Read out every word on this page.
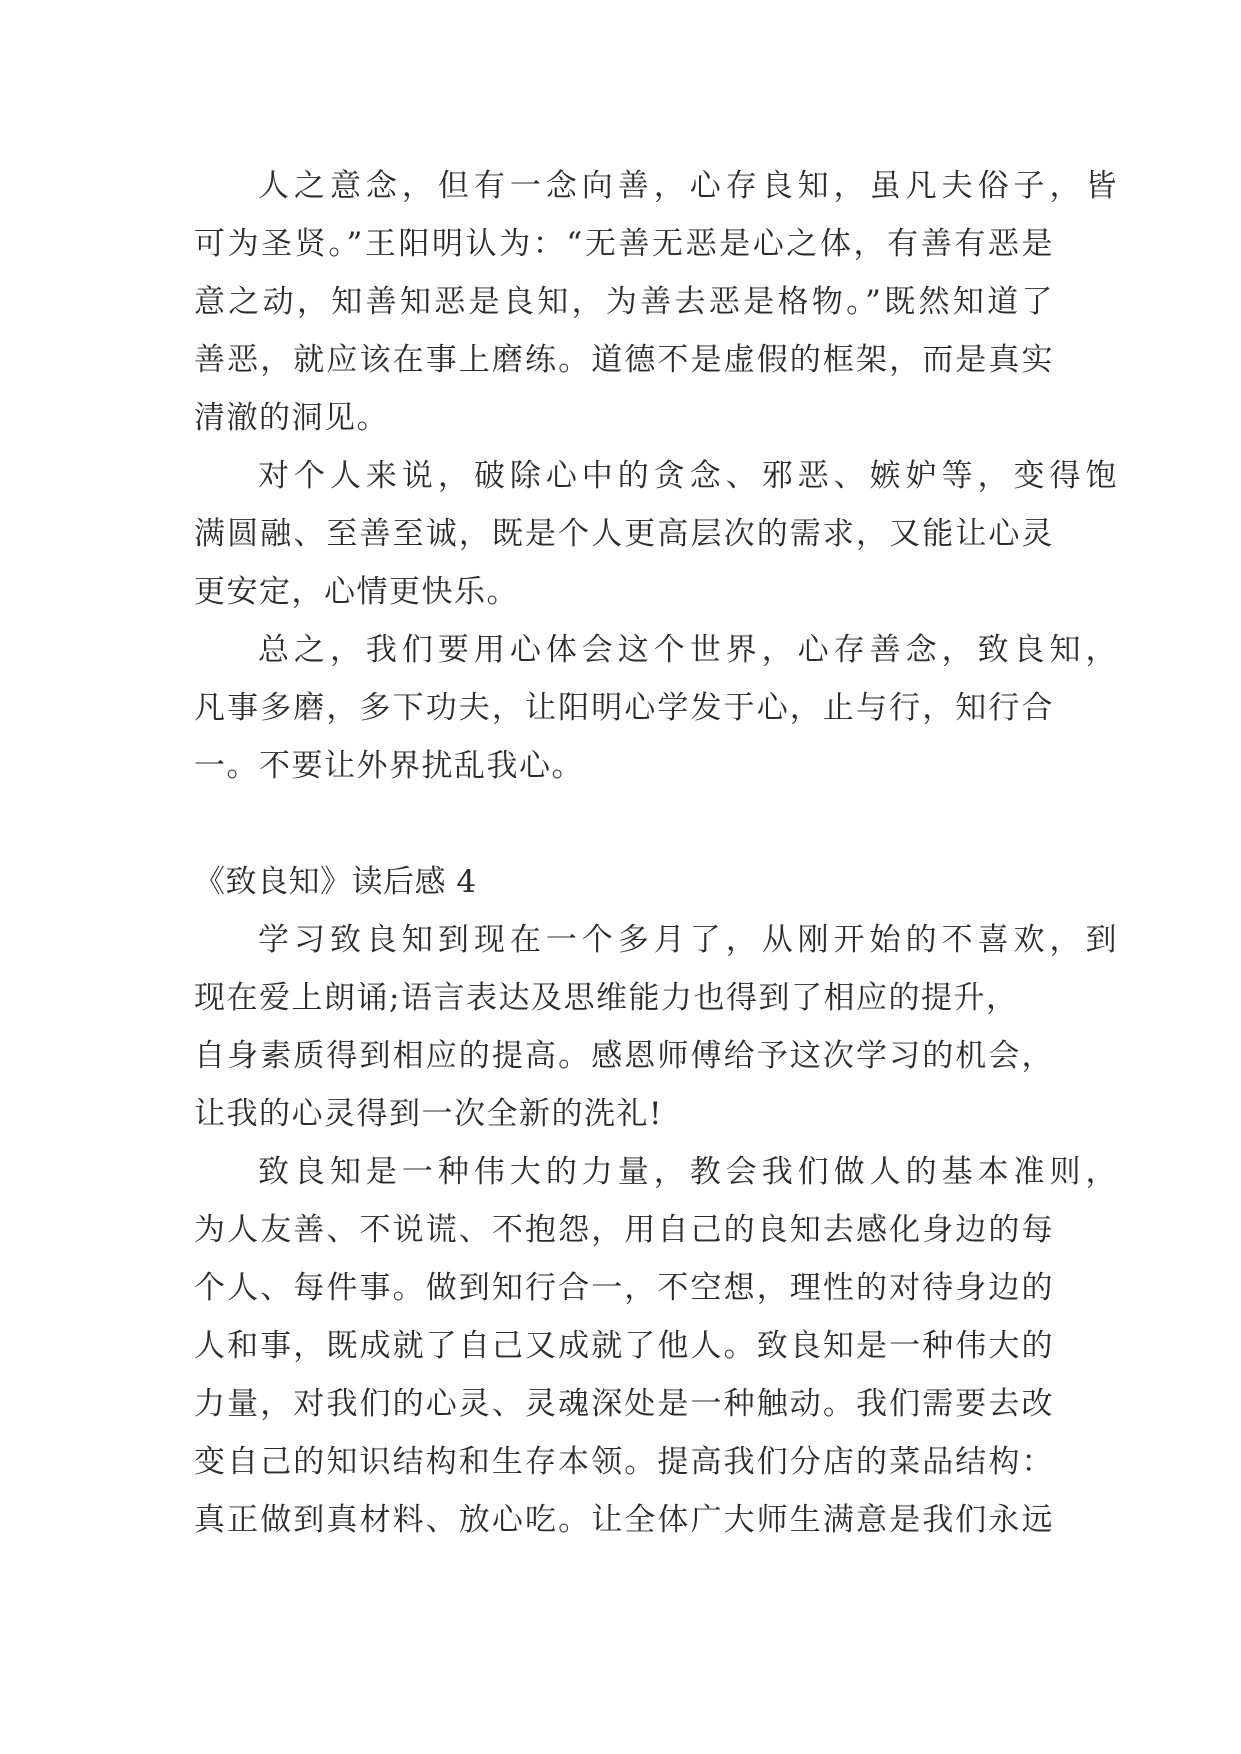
人之意念，但有一念向善，心存良知，虽凡夫俗子，皆
可为圣贤。”王阳明认为：“无善无恶是心之体，有善有恶是
意之动，知善知恶是良知，为善去恶是格物。”既然知道了
善恶，就应该在事上磨练。道德不是虚假的框架，而是真实
清澈的洞见。
对个人来说，破除心中的贪念、邪恶、嫉妒等，变得饱
满圆融、至善至诚，既是个人更高层次的需求，又能让心灵
更安定，心情更快乐。
总之，我们要用心体会这个世界，心存善念，致良知，
凡事多磨，多下功夫，让阳明心学发于心，止与行，知行合
一。不要让外界扰乱我心。
《致良知》读后感 4
学习致良知到现在一个多月了，从刚开始的不喜欢，到
现在爱上朗诵;语言表达及思维能力也得到了相应的提升，
自身素质得到相应的提高。感恩师傅给予这次学习的机会，
让我的心灵得到一次全新的洗礼!
致良知是一种伟大的力量，教会我们做人的基本准则，
为人友善、不说谎、不抱怨，用自己的良知去感化身边的每
个人、每件事。做到知行合一，不空想，理性的对待身边的
人和事，既成就了自己又成就了他人。致良知是一种伟大的
力量，对我们的心灵、灵魂深处是一种触动。我们需要去改
变自己的知识结构和生存本领。提高我们分店的菜品结构：
真正做到真材料、放心吃。让全体广大师生满意是我们永远
